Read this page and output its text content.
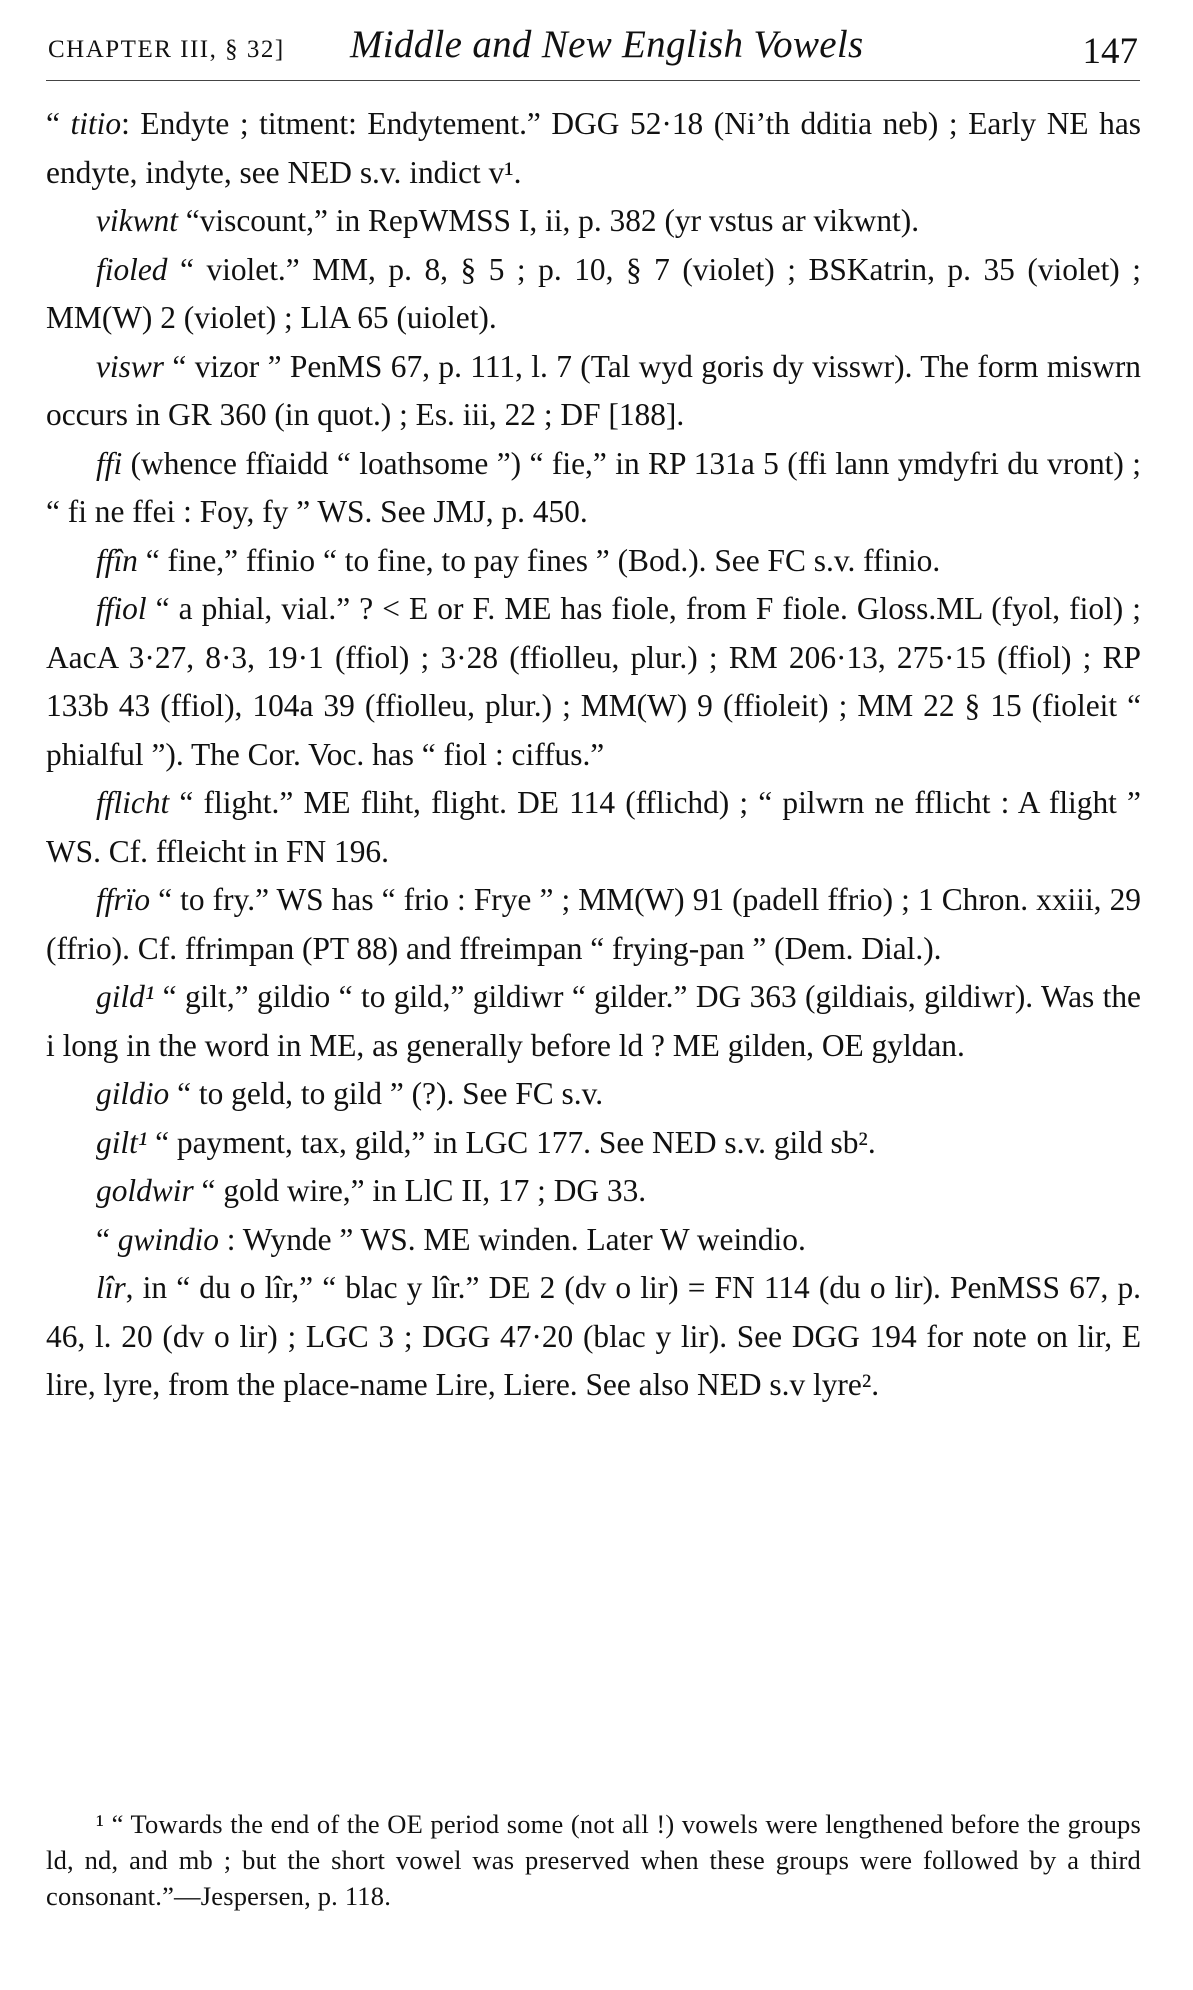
CHAPTER III, § 32] Middle and New English Vowels	147

“ titio: Endyte ; titment: Endytement.” DGG 52·18 (Ni’th dditia neb) ; Early NE has endyte, indyte, see NED s.v. indict v¹.

vikwnt “viscount,” in RepWMSS I, ii, p. 382 (yr vstus ar vikwnt).

fioled “ violet.” MM, p. 8, § 5 ; p. 10, § 7 (violet) ; BSKatrin, p. 35 (violet) ; MM(W) 2 (violet) ; LlA 65 (uiolet).

viswr “ vizor ” PenMS 67, p. 111, l. 7 (Tal wyd goris dy visswr). The form miswrn occurs in GR 360 (in quot.) ; Es. iii, 22 ; DF [188].

ffi (whence ffïaidd “ loathsome ”) “ fie,” in RP 131a 5 (ffi lann ymdyfri du vront) ; “ fi ne ffei : Foy, fy ” WS. See JMJ, p. 450.

ffîn “ fine,” ffinio “ to fine, to pay fines ” (Bod.). See FC s.v. ffinio.

ffiol “ a phial, vial.” ? < E or F. ME has fiole, from F fiole. Gloss.ML (fyol, fiol) ; AacA 3·27, 8·3, 19·1 (ffiol) ; 3·28 (ffiolleu, plur.) ; RM 206·13, 275·15 (ffiol) ; RP 133b 43 (ffiol), 104a 39 (ffiolleu, plur.) ; MM(W) 9 (ffioleit) ; MM 22 § 15 (fioleit “ phialful ”). The Cor. Voc. has “ fiol : ciffus.”

fflicht “ flight.” ME fliht, flight. DE 114 (fflichd) ; “ pilwrn ne fflicht : A flight ” WS. Cf. ffleicht in FN 196.

ffrïo “ to fry.” WS has “ frio : Frye ” ; MM(W) 91 (padell ffrio) ; 1 Chron. xxiii, 29 (ffrio). Cf. ffrimpan (PT 88) and ffreimpan “ frying-pan ” (Dem. Dial.).

gild¹ “ gilt,” gildio “ to gild,” gildiwr “ gilder.” DG 363 (gildiais, gildiwr). Was the i long in the word in ME, as generally before ld ? ME gilden, OE gyldan.

gildio “ to geld, to gild ” (?). See FC s.v.

gilt¹ “ payment, tax, gild,” in LGC 177. See NED s.v. gild sb².

goldwir “ gold wire,” in LlC II, 17 ; DG 33.

“ gwindio : Wynde ” WS. ME winden. Later W weindio.

lîr, in “ du o lîr,” “ blac y lîr.” DE 2 (dv o lir) = FN 114 (du o lir). PenMSS 67, p. 46, l. 20 (dv o lir) ; LGC 3 ; DGG 47·20 (blac y lir). See DGG 194 for note on lir, E lire, lyre, from the place-name Lire, Liere. See also NED s.v lyre².

¹ “ Towards the end of the OE period some (not all !) vowels were lengthened before the groups ld, nd, and mb ; but the short vowel was preserved when these groups were followed by a third consonant.”—Jespersen, p. 118.
